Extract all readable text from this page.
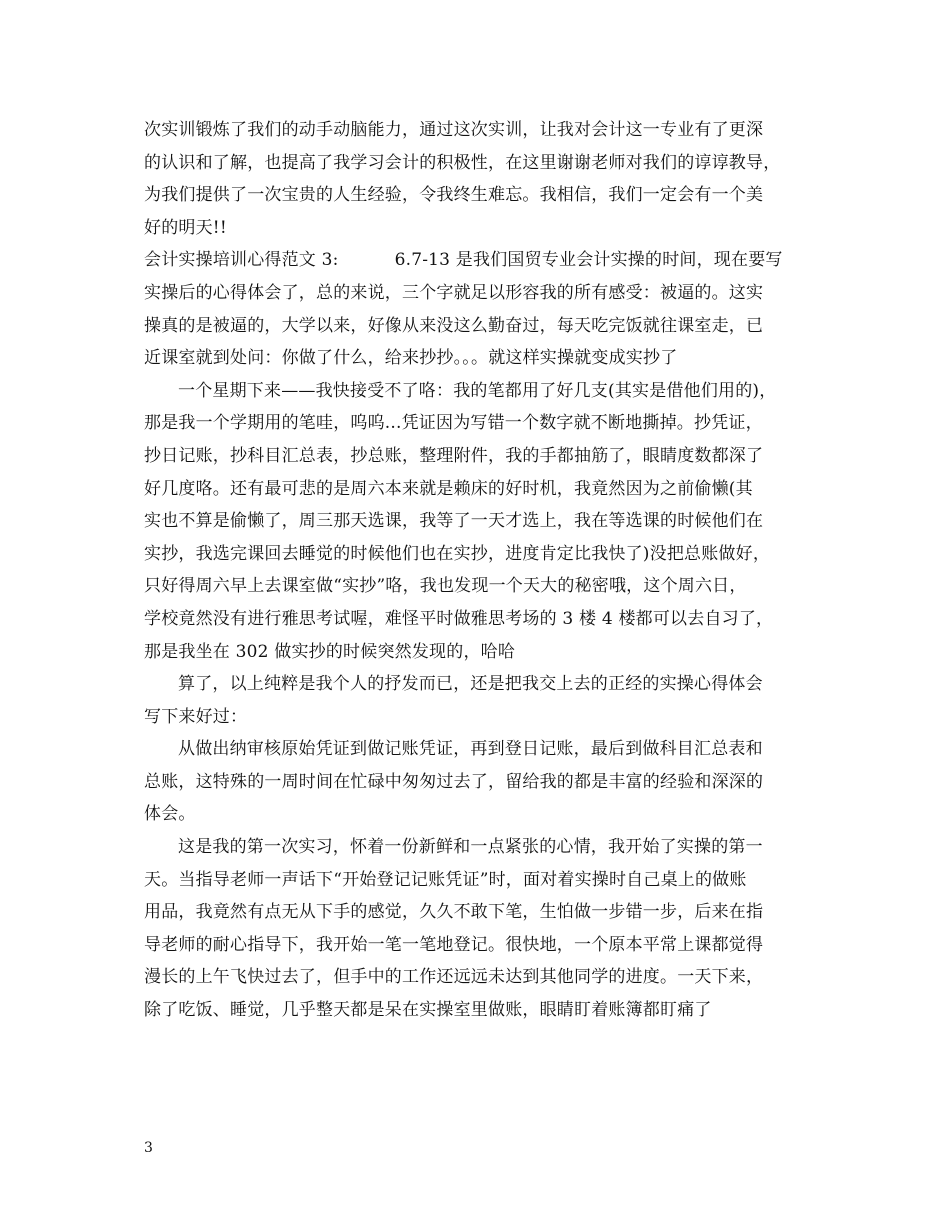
次实训锻炼了我们的动手动脑能力，通过这次实训，让我对会计这一专业有了更深
的认识和了解，也提高了我学习会计的积极性，在这里谢谢老师对我们的谆谆教导，
为我们提供了一次宝贵的人生经验，令我终生难忘。我相信，我们一定会有一个美
好的明天!!
会计实操培训心得范文 3:          6.7-13 是我们国贸专业会计实操的时间，现在要写
实操后的心得体会了，总的来说，三个字就足以形容我的所有感受：被逼的。这实
操真的是被逼的，大学以来，好像从来没这么勤奋过，每天吃完饭就往课室走，已
近课室就到处问：你做了什么，给来抄抄。。。就这样实操就变成实抄了
一个星期下来——我快接受不了咯：我的笔都用了好几支(其实是借他们用的)，
那是我一个学期用的笔哇，呜呜...凭证因为写错一个数字就不断地撕掉。抄凭证，
抄日记账，抄科目汇总表，抄总账，整理附件，我的手都抽筋了，眼睛度数都深了
好几度咯。还有最可悲的是周六本来就是赖床的好时机，我竟然因为之前偷懒(其
实也不算是偷懒了，周三那天选课，我等了一天才选上，我在等选课的时候他们在
实抄，我选完课回去睡觉的时候他们也在实抄，进度肯定比我快了)没把总账做好，
只好得周六早上去课室做“实抄”咯，我也发现一个天大的秘密哦，这个周六日，
学校竟然没有进行雅思考试喔，难怪平时做雅思考场的 3 楼 4 楼都可以去自习了，
那是我坐在 302 做实抄的时候突然发现的，哈哈
算了，以上纯粹是我个人的抒发而已，还是把我交上去的正经的实操心得体会
写下来好过：
从做出纳审核原始凭证到做记账凭证，再到登日记账，最后到做科目汇总表和
总账，这特殊的一周时间在忙碌中匆匆过去了，留给我的都是丰富的经验和深深的
体会。
这是我的第一次实习，怀着一份新鲜和一点紧张的心情，我开始了实操的第一
天。当指导老师一声话下“开始登记记账凭证”时，面对着实操时自己桌上的做账
用品，我竟然有点无从下手的感觉，久久不敢下笔，生怕做一步错一步，后来在指
导老师的耐心指导下，我开始一笔一笔地登记。很快地，一个原本平常上课都觉得
漫长的上午飞快过去了，但手中的工作还远远未达到其他同学的进度。一天下来，
除了吃饭、睡觉，几乎整天都是呆在实操室里做账，眼睛盯着账簿都盯痛了
3
